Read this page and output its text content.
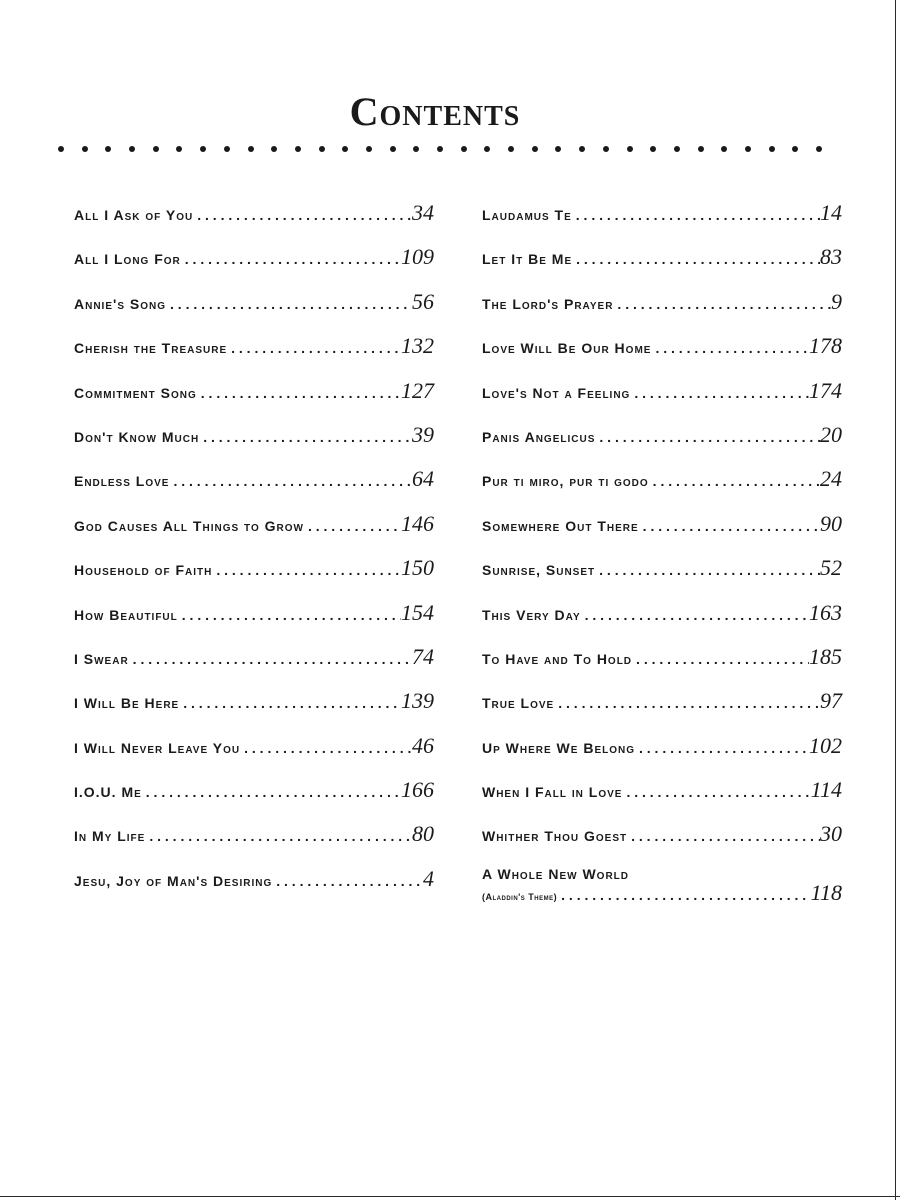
Contents
All I Ask of You . . .	34
All I Long For . . .	109
Annie's Song . . .	56
Cherish the Treasure . . .	132
Commitment Song . . .	127
Don't Know Much . . .	39
Endless Love . . .	64
God Causes All Things to Grow . . .	146
Household of Faith . . .	150
How Beautiful . . .	154
I Swear . . .	74
I Will Be Here . . .	139
I Will Never Leave You . . .	46
I.O.U. Me . . .	166
In My Life . . .	80
Jesu, Joy of Man's Desiring . . .	4
Laudamus Te . . .	14
Let It Be Me . . .	83
The Lord's Prayer . . .	9
Love Will Be Our Home . . .	178
Love's Not a Feeling . . .	174
Panis Angelicus . . .	20
Pur ti miro, pur ti godo . . .	24
Somewhere Out There . . .	90
Sunrise, Sunset . . .	52
This Very Day . . .	163
To Have and To Hold . . .	185
True Love . . .	97
Up Where We Belong . . .	102
When I Fall in Love . . .	114
Whither Thou Goest . . .	30
A Whole New World
(Aladdin's Theme) . . .	118
